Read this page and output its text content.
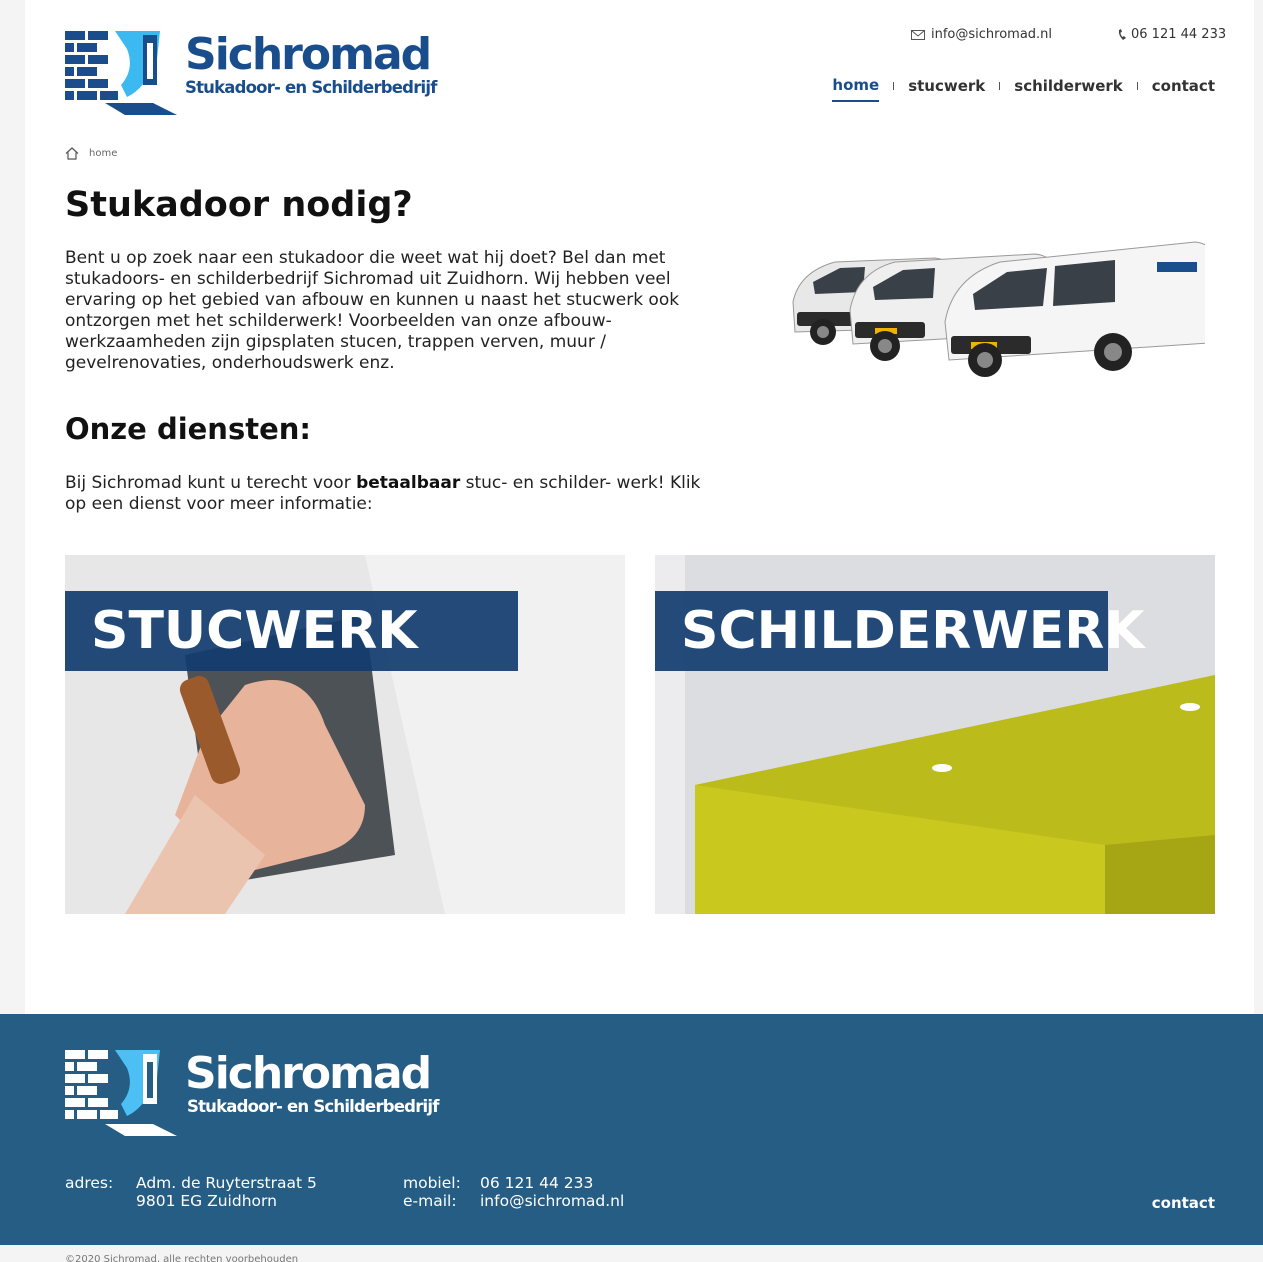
Sichromad
Stukadoor- en Schilderbedrijf
info@sichromad.nl	06 121 44 233
home stucwerk schilderwerk contact
home
Stukadoor nodig?

Bent u op zoek naar een stukadoor die weet wat hij doet? Bel dan met stukadoors- en schilderbedrijf Sichromad uit Zuidhorn. Wij hebben veel ervaring op het gebied van afbouw en kunnen u naast het stucwerk ook ontzorgen met het schilderwerk! Voorbeelden van onze afbouw-werkzaamheden zijn gipsplaten stucen, trappen verven, muur / gevelrenovaties, onderhoudswerk enz.

Onze diensten:

Bij Sichromad kunt u terecht voor betaalbaar stuc- en schilder- werk! Klik op een dienst voor meer informatie:

STUCWERK	SCHILDERWERK
Sichromad
Stukadoor- en Schilderbedrijf
adres: Adm. de Ruyterstraat 5
9801 EG Zuidhorn
mobiel:	06 121 44 233
e-mail:	info@sichromad.nl	contact
©2020 Sichromad, alle rechten voorbehouden
